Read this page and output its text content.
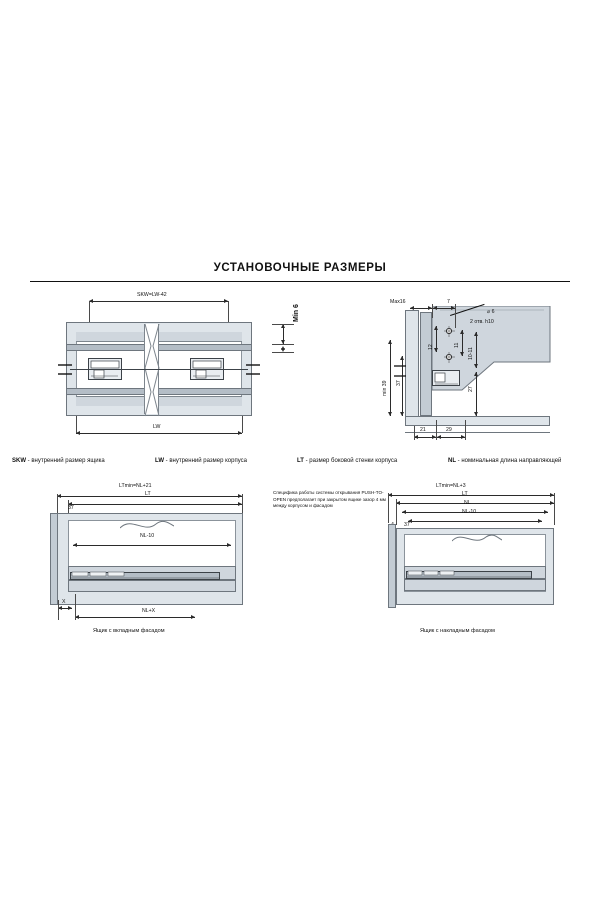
УСТАНОВОЧНЫЕ РАЗМЕРЫ
SKW=LW-42
LW
Min 6	⌀ 6
2 отв. h10
Max16	7
12	11
10-11
37
27
min 39
21	29
SKW - внутренний размер ящика	LW - внутренний размер корпуса	LT - размер боковой стенки корпуса	NL - номинальная длина направляющей
LTmin=NL+21
LT
37
NL-10
X
NL+X
Ящик с вкладным фасадом
Специфика работы системы открывания PUSH-TO-OPEN предполагает при закрытом ящике зазор 4 мм между корпусом и фасадом
LTmin=NL+3
LT
NL
NL-10
37
Ящик с накладным фасадом
